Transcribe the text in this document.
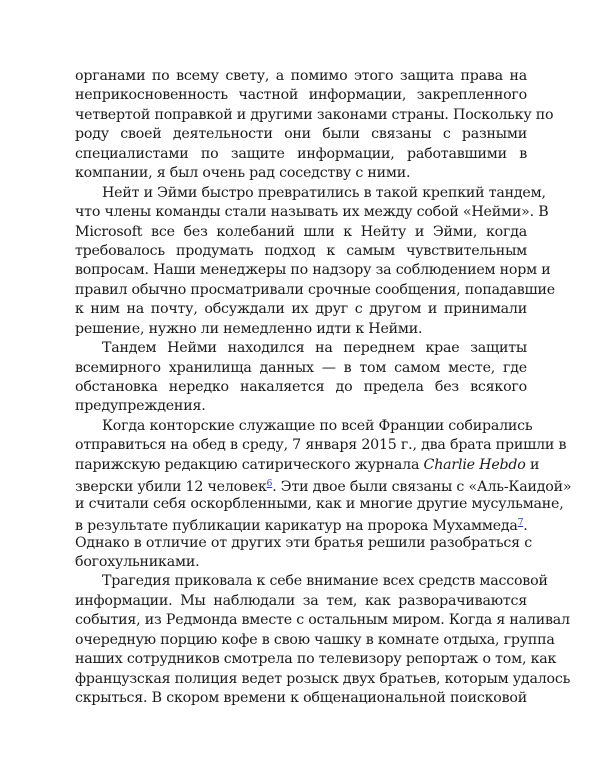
органами по всему свету, а помимо этого защита права на
неприкосновенность частной информации, закрепленного
четвертой поправкой и другими законами страны. Поскольку по
роду своей деятельности они были связаны с разными
специалистами по защите информации, работавшими в
компании, я был очень рад соседству с ними.
Нейт и Эйми быстро превратились в такой крепкий тандем,
что члены команды стали называть их между собой «Нейми». В
Microsoft все без колебаний шли к Нейту и Эйми, когда
требовалось продумать подход к самым чувствительным
вопросам. Наши менеджеры по надзору за соблюдением норм и
правил обычно просматривали срочные сообщения, попадавшие
к ним на почту, обсуждали их друг с другом и принимали
решение, нужно ли немедленно идти к Нейми.
Тандем Нейми находился на переднем крае защиты
всемирного хранилища данных — в том самом месте, где
обстановка нередко накаляется до предела без всякого
предупреждения.
Когда конторские служащие по всей Франции собирались
отправиться на обед в среду, 7 января 2015 г., два брата пришли в
парижскую редакцию сатирического журнала Charlie Hebdo и
зверски убили 12 человек$^6$. Эти двое были связаны с «Аль-Каидой»
и считали себя оскорбленными, как и многие другие мусульмане,
в результате публикации карикатур на пророка Мухаммеда$^7$.
Однако в отличие от других эти братья решили разобраться с
богохульниками.
Трагедия приковала к себе внимание всех средств массовой
информации. Мы наблюдали за тем, как разворачиваются
события, из Редмонда вместе с остальным миром. Когда я наливал
очередную порцию кофе в свою чашку в комнате отдыха, группа
наших сотрудников смотрела по телевизору репортаж о том, как
французская полиция ведет розыск двух братьев, которым удалось
скрыться. В скором времени к общенациональной поисковой
